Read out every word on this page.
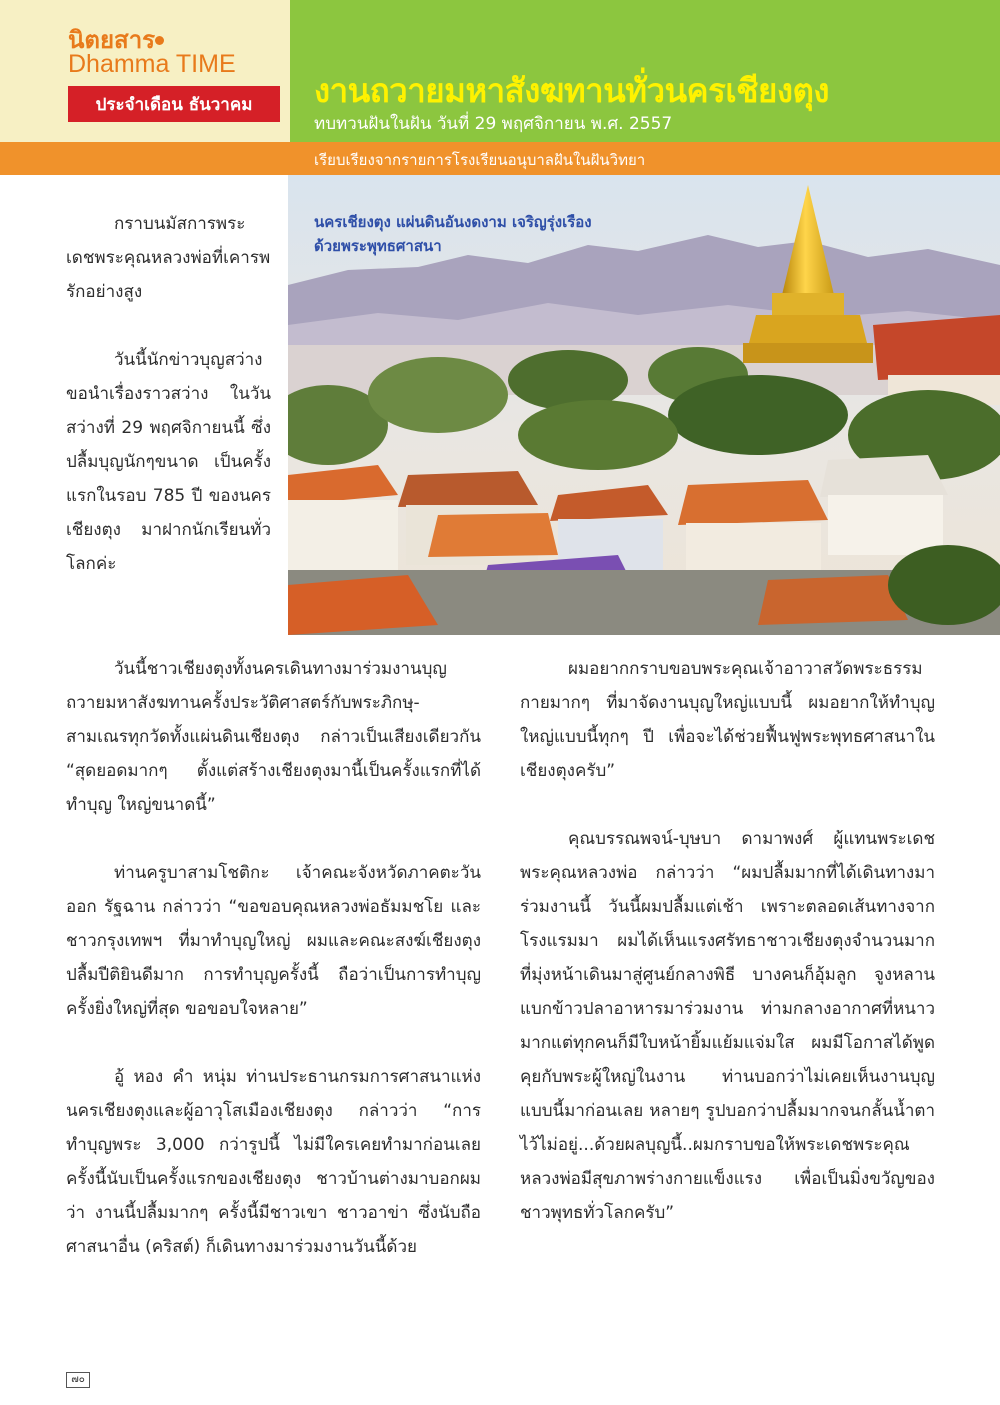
นิตยสาร
Dhamma TIME
ประจำเดือน ธันวาคม	งานถวายมหาสังฆทานทั่วนครเชียงตุง
ทบทวนฝันในฝัน วันที่ 29 พฤศจิกายน พ.ศ. 2557
เรียบเรียงจากรายการโรงเรียนอนุบาลฝันในฝันวิทยา
นครเชียงตุง แผ่นดินอันงดงาม เจริญรุ่งเรือง
ด้วยพระพุทธศาสนา

กราบนมัสการพระเดชพระคุณหลวงพ่อที่เคารพรักอย่างสูง

วันนี้นักข่าวบุญสว่าง ขอนำเรื่องราวสว่าง ในวันสว่างที่ 29 พฤศจิกายนนี้ ซึ่งปลื้มบุญนักๆขนาด เป็นครั้งแรกในรอบ 785 ปี ของนครเชียงตุง มาฝากนักเรียนทั่วโลกค่ะ

วันนี้ชาวเชียงตุงทั้งนครเดินทางมาร่วมงานบุญถวายมหาสังฆทานครั้งประวัติศาสตร์กับพระภิกษุ-สามเณรทุกวัดทั้งแผ่นดินเชียงตุง กล่าวเป็นเสียงเดียวกัน “สุดยอดมากๆ ตั้งแต่สร้างเชียงตุงมานี้เป็นครั้งแรกที่ได้ทำบุญ ใหญ่ขนาดนี้”

ท่านครูบาสามโชติกะ เจ้าคณะจังหวัดภาคตะวันออก รัฐฉาน กล่าวว่า “ขอขอบคุณหลวงพ่อธัมมชโย และชาวกรุงเทพฯ ที่มาทำบุญใหญ่ ผมและคณะสงฆ์เชียงตุงปลื้มปีติยินดีมาก การทำบุญครั้งนี้ ถือว่าเป็นการทำบุญครั้งยิ่งใหญ่ที่สุด ขอขอบใจหลาย”

อู้ หอง คำ หนุ่ม ท่านประธานกรมการศาสนาแห่งนครเชียงตุงและผู้อาวุโสเมืองเชียงตุง กล่าวว่า “การทำบุญพระ 3,000 กว่ารูปนี้ ไม่มีใครเคยทำมาก่อนเลย ครั้งนี้นับเป็นครั้งแรกของเชียงตุง ชาวบ้านต่างมาบอกผมว่า งานนี้ปลื้มมากๆ ครั้งนี้มีชาวเขา ชาวอาข่า ซึ่งนับถือศาสนาอื่น (คริสต์) ก็เดินทางมาร่วมงานวันนี้ด้วย

ผมอยากกราบขอบพระคุณเจ้าอาวาสวัดพระธรรมกายมากๆ ที่มาจัดงานบุญใหญ่แบบนี้ ผมอยากให้ทำบุญใหญ่แบบนี้ทุกๆ ปี เพื่อจะได้ช่วยฟื้นฟูพระพุทธศาสนาในเชียงตุงครับ”

คุณบรรณพจน์-บุษบา ดามาพงศ์ ผู้แทนพระเดชพระคุณหลวงพ่อ กล่าวว่า “ผมปลื้มมากที่ได้เดินทางมาร่วมงานนี้ วันนี้ผมปลื้มแต่เช้า เพราะตลอดเส้นทางจากโรงแรมมา ผมได้เห็นแรงศรัทธาชาวเชียงตุงจำนวนมาก ที่มุ่งหน้าเดินมาสู่ศูนย์กลางพิธี บางคนก็อุ้มลูก จูงหลาน แบกข้าวปลาอาหารมาร่วมงาน ท่ามกลางอากาศที่หนาวมากแต่ทุกคนก็มีใบหน้ายิ้มแย้มแจ่มใส ผมมีโอกาสได้พูดคุยกับพระผู้ใหญ่ในงาน ท่านบอกว่าไม่เคยเห็นงานบุญแบบนี้มาก่อนเลย หลายๆ รูปบอกว่าปลื้มมากจนกลั้นน้ำตาไว้ไม่อยู่...ด้วยผลบุญนี้..ผมกราบขอให้พระเดชพระคุณหลวงพ่อมีสุขภาพร่างกายแข็งแรง เพื่อเป็นมิ่งขวัญของชาวพุทธทั่วโลกครับ”

๗๐
